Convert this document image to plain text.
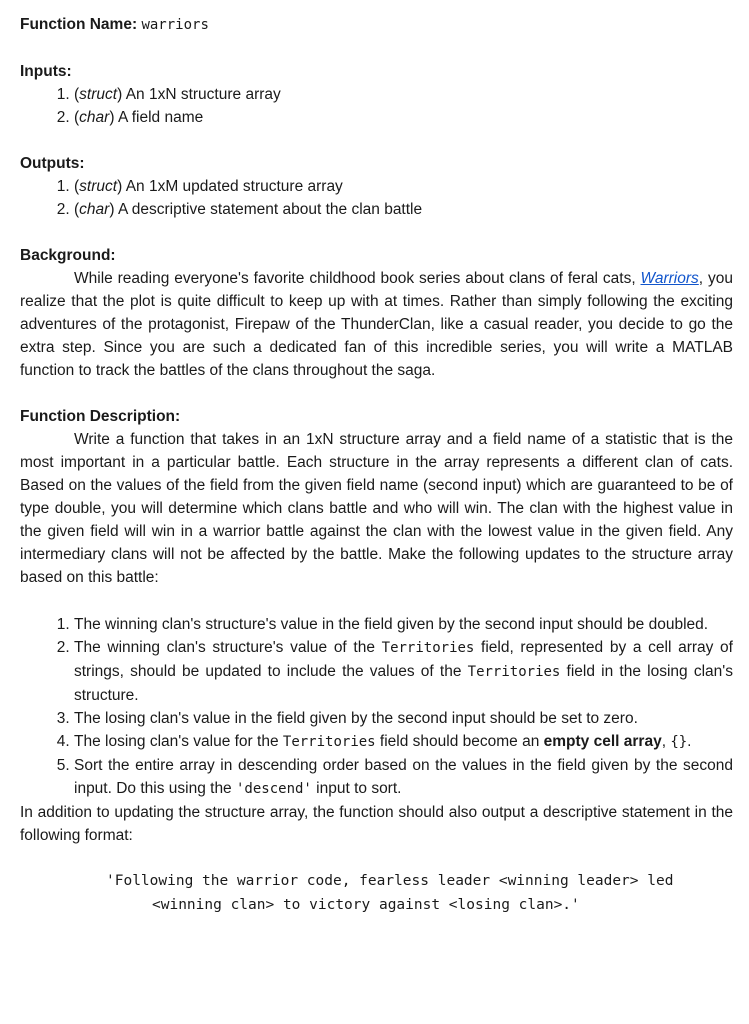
Function Name: warriors

Inputs:

1. (struct) An 1xN structure array
2. (char) A field name

Outputs:

1. (struct) An 1xM updated structure array
2. (char) A descriptive statement about the clan battle

Background:

While reading everyone's favorite childhood book series about clans of feral cats, Warriors, you realize that the plot is quite difficult to keep up with at times. Rather than simply following the exciting adventures of the protagonist, Firepaw of the ThunderClan, like a casual reader, you decide to go the extra step. Since you are such a dedicated fan of this incredible series, you will write a MATLAB function to track the battles of the clans throughout the saga.

Function Description:

Write a function that takes in an 1xN structure array and a field name of a statistic that is the most important in a particular battle. Each structure in the array represents a different clan of cats. Based on the values of the field from the given field name (second input) which are guaranteed to be of type double, you will determine which clans battle and who will win. The clan with the highest value in the given field will win in a warrior battle against the clan with the lowest value in the given field. Any intermediary clans will not be affected by the battle. Make the following updates to the structure array based on this battle:

1. The winning clan's structure's value in the field given by the second input should be doubled.
2. The winning clan's structure's value of the Territories field, represented by a cell array of strings, should be updated to include the values of the Territories field in the losing clan's structure.
3. The losing clan's value in the field given by the second input should be set to zero.
4. The losing clan's value for the Territories field should become an empty cell array, {}.
5. Sort the entire array in descending order based on the values in the field given by the second input. Do this using the 'descend' input to sort.

In addition to updating the structure array, the function should also output a descriptive statement in the following format:

'Following the warrior code, fearless leader <winning leader> led
<winning clan> to victory against <losing clan>.'
